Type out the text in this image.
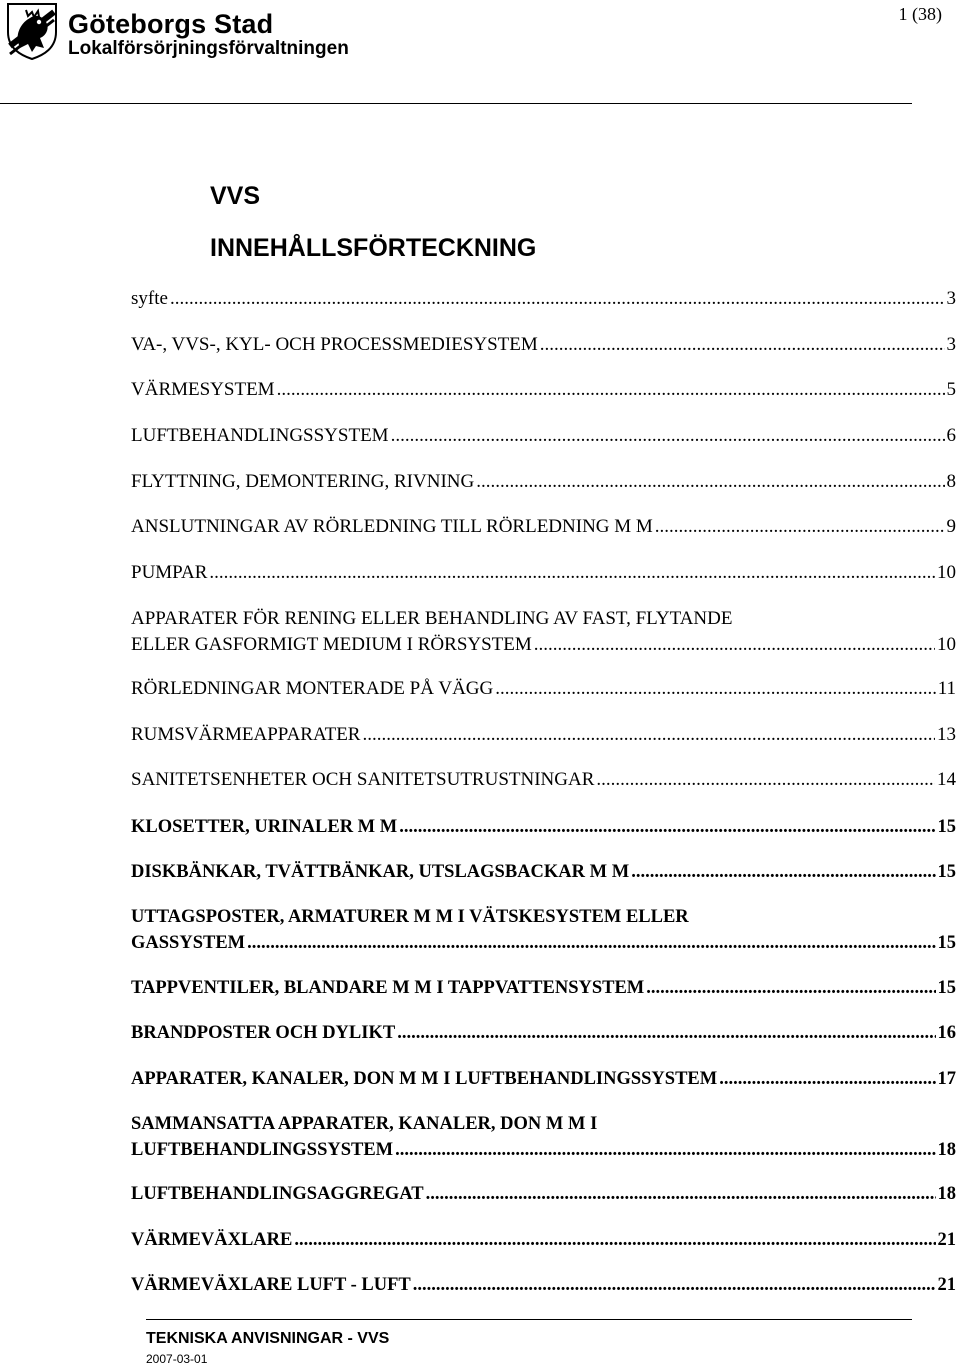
Göteborgs Stad
Lokalförsörjningsförvaltningen
1 (38)
VVS
INNEHÅLLSFÖRTECKNING
syfte .....	3
VA-, VVS-, KYL- OCH PROCESSMEDIESYSTEM .....	3
VÄRMESYSTEM .....	5
LUFTBEHANDLINGSSYSTEM .....	6
FLYTTNING, DEMONTERING, RIVNING .....	8
ANSLUTNINGAR AV RÖRLEDNING TILL RÖRLEDNING M M .....	9
PUMPAR .....	10
APPARATER FÖR RENING ELLER BEHANDLING AV FAST, FLYTANDE
ELLER GASFORMIGT MEDIUM I RÖRSYSTEM .....	10
RÖRLEDNINGAR MONTERADE PÅ VÄGG .....	11
RUMSVÄRMEAPPARATER .....	13
SANITETSENHETER OCH SANITETSUTRUSTNINGAR .....	14
KLOSETTER, URINALER M M .....	15
DISKBÄNKAR, TVÄTTBÄNKAR, UTSLAGSBACKAR M M .....	15
UTTAGSPOSTER, ARMATURER M M I VÄTSKESYSTEM ELLER
GASSYSTEM .....	15
TAPPVENTILER, BLANDARE M M I TAPPVATTENSYSTEM .....	15
BRANDPOSTER OCH DYLIKT .....	16
APPARATER, KANALER, DON M M I LUFTBEHANDLINGSSYSTEM .....	17
SAMMANSATTA APPARATER, KANALER, DON M M I
LUFTBEHANDLINGSSYSTEM .....	18
LUFTBEHANDLINGSAGGREGAT .....	18
VÄRMEVÄXLARE .....	21
VÄRMEVÄXLARE LUFT - LUFT .....	21
TEKNISKA ANVISNINGAR - VVS
2007-03-01
